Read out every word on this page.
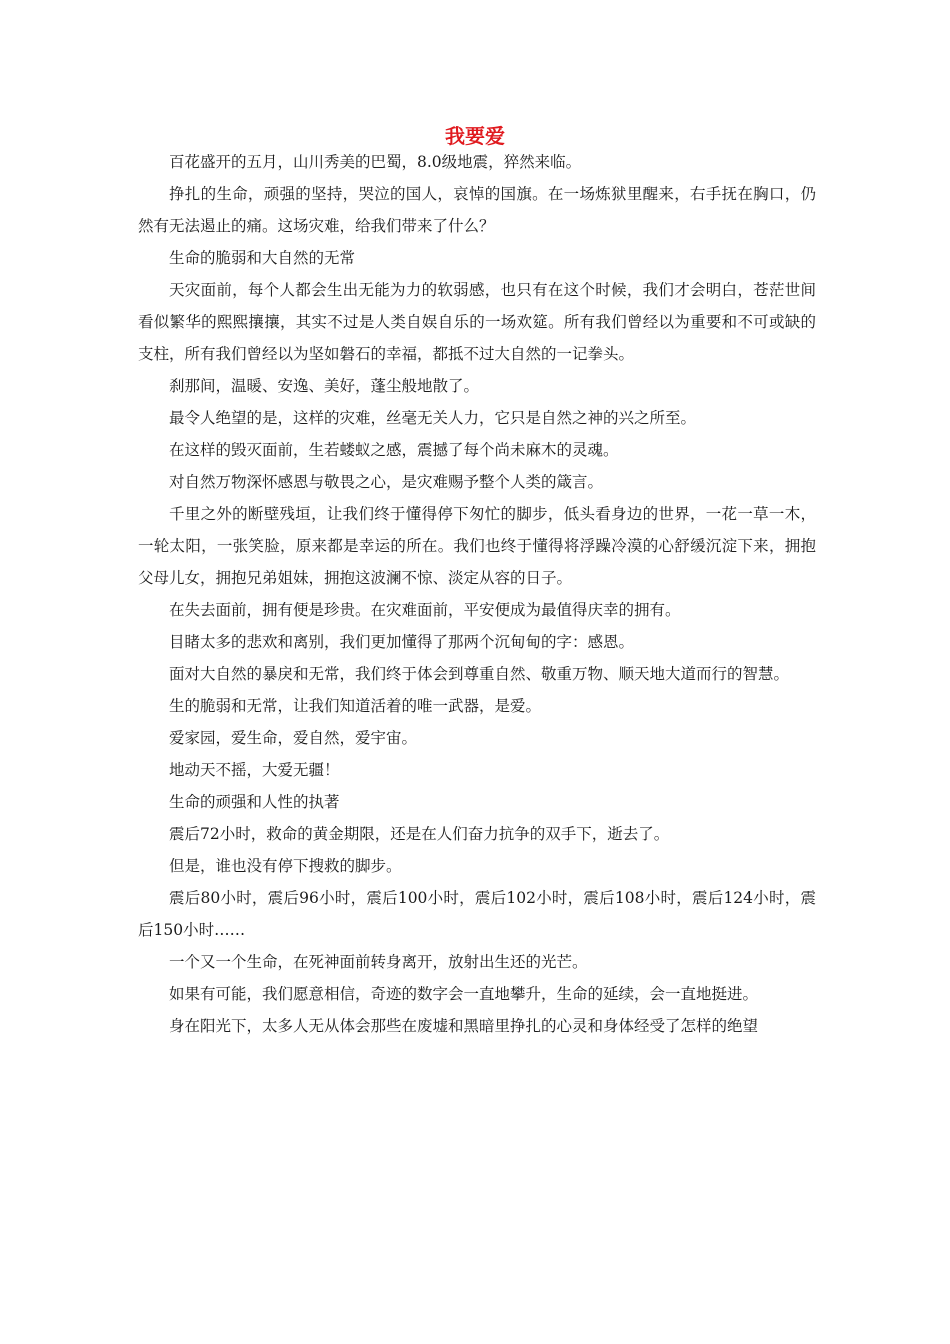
我要爱

百花盛开的五月，山川秀美的巴蜀，8.0级地震，猝然来临。

挣扎的生命，顽强的坚持，哭泣的国人，哀悼的国旗。在一场炼狱里醒来，右手抚在胸口，仍然有无法遏止的痛。这场灾难，给我们带来了什么？

生命的脆弱和大自然的无常

天灾面前，每个人都会生出无能为力的软弱感，也只有在这个时候，我们才会明白，苍茫世间看似繁华的熙熙攘攘，其实不过是人类自娱自乐的一场欢筵。所有我们曾经以为重要和不可或缺的支柱，所有我们曾经以为坚如磐石的幸福，都抵不过大自然的一记拳头。

刹那间，温暖、安逸、美好，蓬尘般地散了。

最令人绝望的是，这样的灾难，丝毫无关人力，它只是自然之神的兴之所至。

在这样的毁灭面前，生若蝼蚁之感，震撼了每个尚未麻木的灵魂。

对自然万物深怀感恩与敬畏之心，是灾难赐予整个人类的箴言。

千里之外的断壁残垣，让我们终于懂得停下匆忙的脚步，低头看身边的世界，一花一草一木，一轮太阳，一张笑脸，原来都是幸运的所在。我们也终于懂得将浮躁冷漠的心舒缓沉淀下来，拥抱父母儿女，拥抱兄弟姐妹，拥抱这波澜不惊、淡定从容的日子。

在失去面前，拥有便是珍贵。在灾难面前，平安便成为最值得庆幸的拥有。

目睹太多的悲欢和离别，我们更加懂得了那两个沉甸甸的字：感恩。

面对大自然的暴戾和无常，我们终于体会到尊重自然、敬重万物、顺天地大道而行的智慧。

生的脆弱和无常，让我们知道活着的唯一武器，是爱。

爱家园，爱生命，爱自然，爱宇宙。

地动天不摇，大爱无疆！

生命的顽强和人性的执著

震后72小时，救命的黄金期限，还是在人们奋力抗争的双手下，逝去了。

但是，谁也没有停下搜救的脚步。

震后80小时，震后96小时，震后100小时，震后102小时，震后108小时，震后124小时，震后150小时……

一个又一个生命，在死神面前转身离开，放射出生还的光芒。

如果有可能，我们愿意相信，奇迹的数字会一直地攀升，生命的延续，会一直地挺进。

身在阳光下，太多人无从体会那些在废墟和黑暗里挣扎的心灵和身体经受了怎样的绝望
